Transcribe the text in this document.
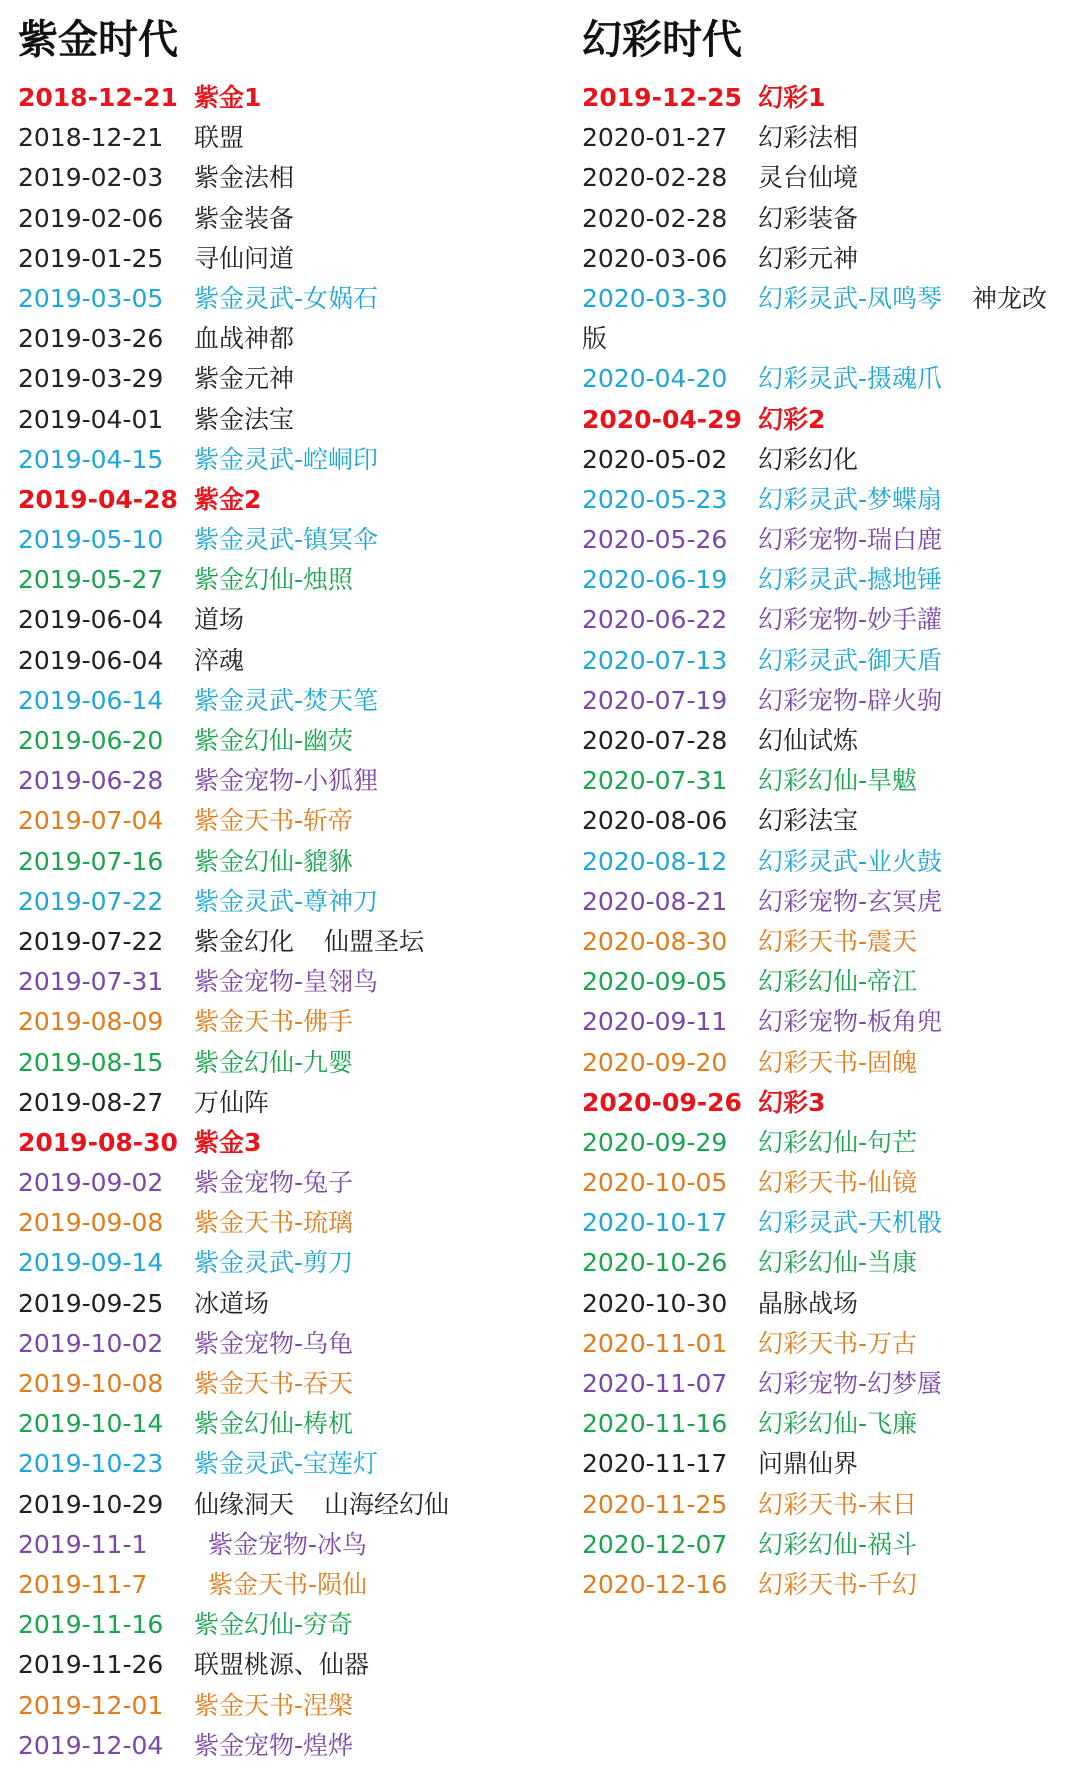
紫金时代
2018-12-21 紫金1
2018-12-21 联盟
2019-02-03 紫金法相
2019-02-06 紫金装备
2019-01-25 寻仙问道
2019-03-05 紫金灵武-女娲石
2019-03-26 血战神都
2019-03-29 紫金元神
2019-04-01 紫金法宝
2019-04-15 紫金灵武-崆峒印
2019-04-28 紫金2
2019-05-10 紫金灵武-镇冥伞
2019-05-27 紫金幻仙-烛照
2019-06-04 道场
2019-06-04 淬魂
2019-06-14 紫金灵武-焚天笔
2019-06-20 紫金幻仙-幽荧
2019-06-28 紫金宠物-小狐狸
2019-07-04 紫金天书-斩帝
2019-07-16 紫金幻仙-貔貅
2019-07-22 紫金灵武-尊神刀
2019-07-22 紫金幻化 仙盟圣坛
2019-07-31 紫金宠物-皇翎鸟
2019-08-09 紫金天书-佛手
2019-08-15 紫金幻仙-九婴
2019-08-27 万仙阵
2019-08-30 紫金3
2019-09-02 紫金宠物-兔子
2019-09-08 紫金天书-琉璃
2019-09-14 紫金灵武-剪刀
2019-09-25 冰道场
2019-10-02 紫金宠物-乌龟
2019-10-08 紫金天书-吞天
2019-10-14 紫金幻仙-梼杌
2019-10-23 紫金灵武-宝莲灯
2019-10-29 仙缘洞天 山海经幻仙
2019-11-1 紫金宠物-冰鸟
2019-11-7 紫金天书-陨仙
2019-11-16 紫金幻仙-穷奇
2019-11-26 联盟桃源、仙器
2019-12-01 紫金天书-涅槃
2019-12-04 紫金宠物-煌烨
幻彩时代
2019-12-25 幻彩1
2020-01-27 幻彩法相
2020-02-28 灵台仙境
2020-02-28 幻彩装备
2020-03-06 幻彩元神
2020-03-30 幻彩灵武-凤鸣琴 神龙改
版
2020-04-20 幻彩灵武-摄魂爪
2020-04-29 幻彩2
2020-05-02 幻彩幻化
2020-05-23 幻彩灵武-梦蝶扇
2020-05-26 幻彩宠物-瑞白鹿
2020-06-19 幻彩灵武-撼地锤
2020-06-22 幻彩宠物-妙手讙
2020-07-13 幻彩灵武-御天盾
2020-07-19 幻彩宠物-辟火驹
2020-07-28 幻仙试炼
2020-07-31 幻彩幻仙-旱魃
2020-08-06 幻彩法宝
2020-08-12 幻彩灵武-业火鼓
2020-08-21 幻彩宠物-玄冥虎
2020-08-30 幻彩天书-震天
2020-09-05 幻彩幻仙-帝江
2020-09-11 幻彩宠物-板角兜
2020-09-20 幻彩天书-固魄
2020-09-26 幻彩3
2020-09-29 幻彩幻仙-句芒
2020-10-05 幻彩天书-仙镜
2020-10-17 幻彩灵武-天机骰
2020-10-26 幻彩幻仙-当康
2020-10-30 晶脉战场
2020-11-01 幻彩天书-万古
2020-11-07 幻彩宠物-幻梦蜃
2020-11-16 幻彩幻仙-飞廉
2020-11-17 问鼎仙界
2020-11-25 幻彩天书-末日
2020-12-07 幻彩幻仙-祸斗
2020-12-16 幻彩天书-千幻
